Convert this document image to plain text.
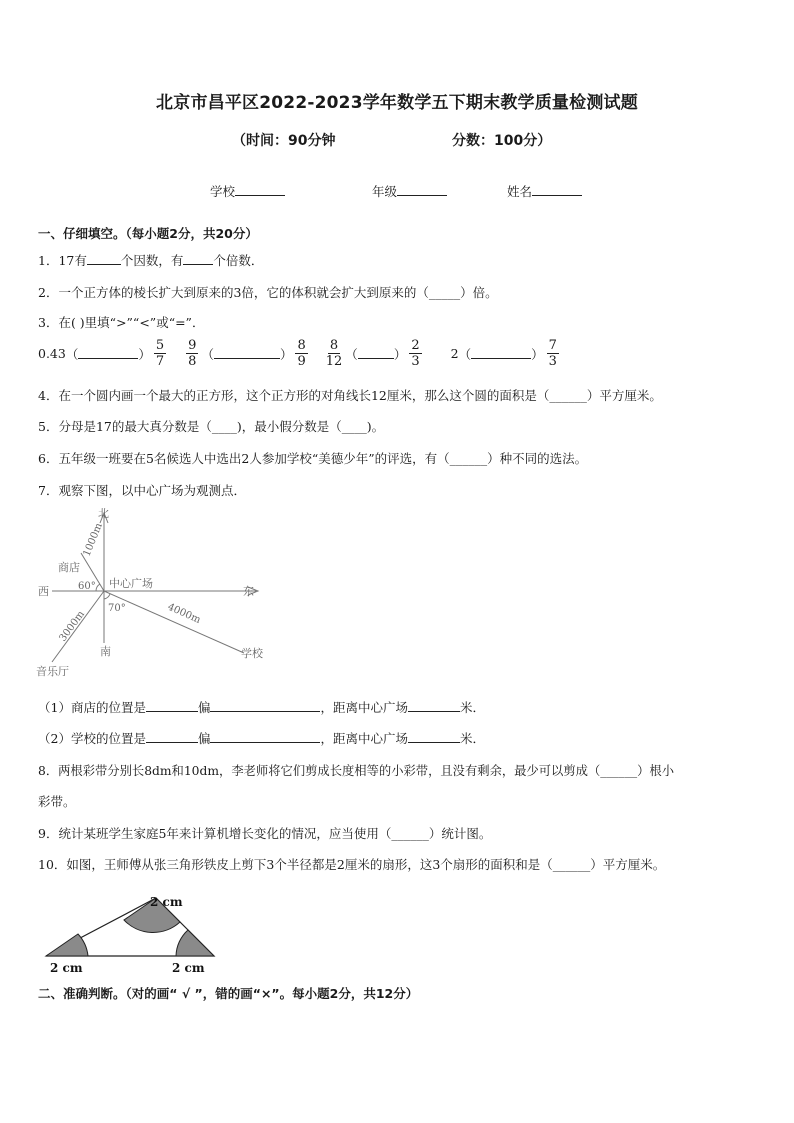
北京市昌平区2022-2023学年数学五下期末教学质量检测试题
（时间：90分钟	分数：100分）
学校	年级	姓名
一、仔细填空。（每小题2分，共20分）
1．17有	个因数，有 个倍数．
2．一个正方体的棱长扩大到原来的3倍，它的体积就会扩大到原来的（_____）倍。
3．在( )里填“>”“<”或“=”．
0.43 （	） $\frac{5}{7} \frac{9}{8}$ （	） $\frac{8}{9} \frac{8}{12}$ （	） $\frac{2}{3} 2$ （	） $\frac{7}{3}$
4．在一个圆内画一个最大的正方形，这个正方形的对角线长12厘米，那么这个圆的面积是（______）平方厘米。
5．分母是17的最大真分数是（____)，最小假分数是（____)。
6．五年级一班要在5名候选人中选出2人参加学校“美德少年”的评选，有（______）种不同的选法。
7．观察下图，以中心广场为观测点．
北
西	东
南
商店
中心广场
学校
音乐厅
60°
70°
1000m
4000m
3000m
（1）商店的位置是	偏	，距离中心广场	米．
（2）学校的位置是	偏	，距离中心广场	米．
8．两根彩带分别长8dm和10dm，李老师将它们剪成长度相等的小彩带，且没有剩余，最少可以剪成（______）根小
彩带。
9．统计某班学生家庭5年来计算机增长变化的情况，应当使用（______）统计图。
10．如图，王师傅从张三角形铁皮上剪下3个半径都是2厘米的扇形，这3个扇形的面积和是（______）平方厘米。
2 cm
2 cm	2 cm
二、准确判断。（对的画“ √ ”，错的画“×”。每小题2分，共12分）
